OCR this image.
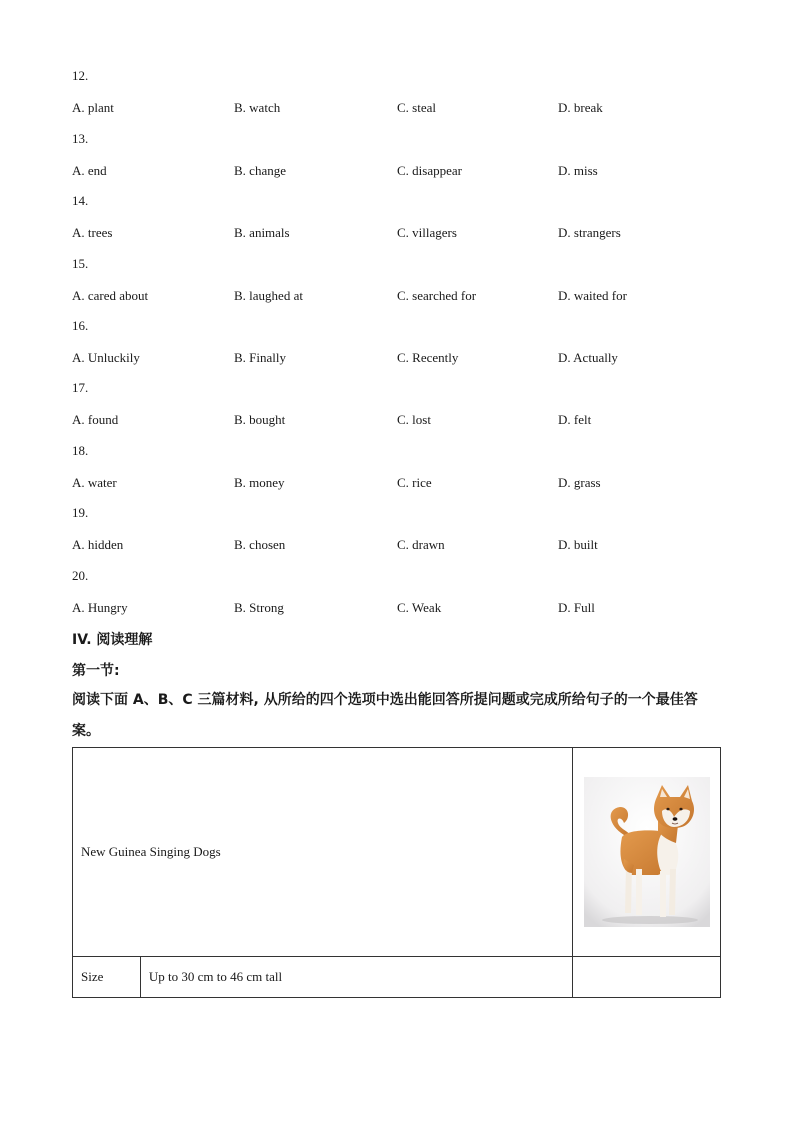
12.
A. plant	B. watch	C. steal	D. break
13.
A. end	B. change	C. disappear	D. miss
14.
A. trees	B. animals	C. villagers	D. strangers
15.
A. cared about	B. laughed at	C. searched for	D. waited for
16.
A. Unluckily	B. Finally	C. Recently	D. Actually
17.
A. found	B. bought	C. lost	D. felt
18.
A. water	B. money	C. rice	D. grass
19.
A. hidden	B. chosen	C. drawn	D. built
20.
A. Hungry	B. Strong	C. Weak	D. Full
IV. 阅读理解
第一节:
阅读下面 A、B、C 三篇材料, 从所给的四个选项中选出能回答所提问题或完成所给句子的一个最佳答案。
New Guinea Singing Dogs	

Size	Up to 30 cm to 46 cm tall	
